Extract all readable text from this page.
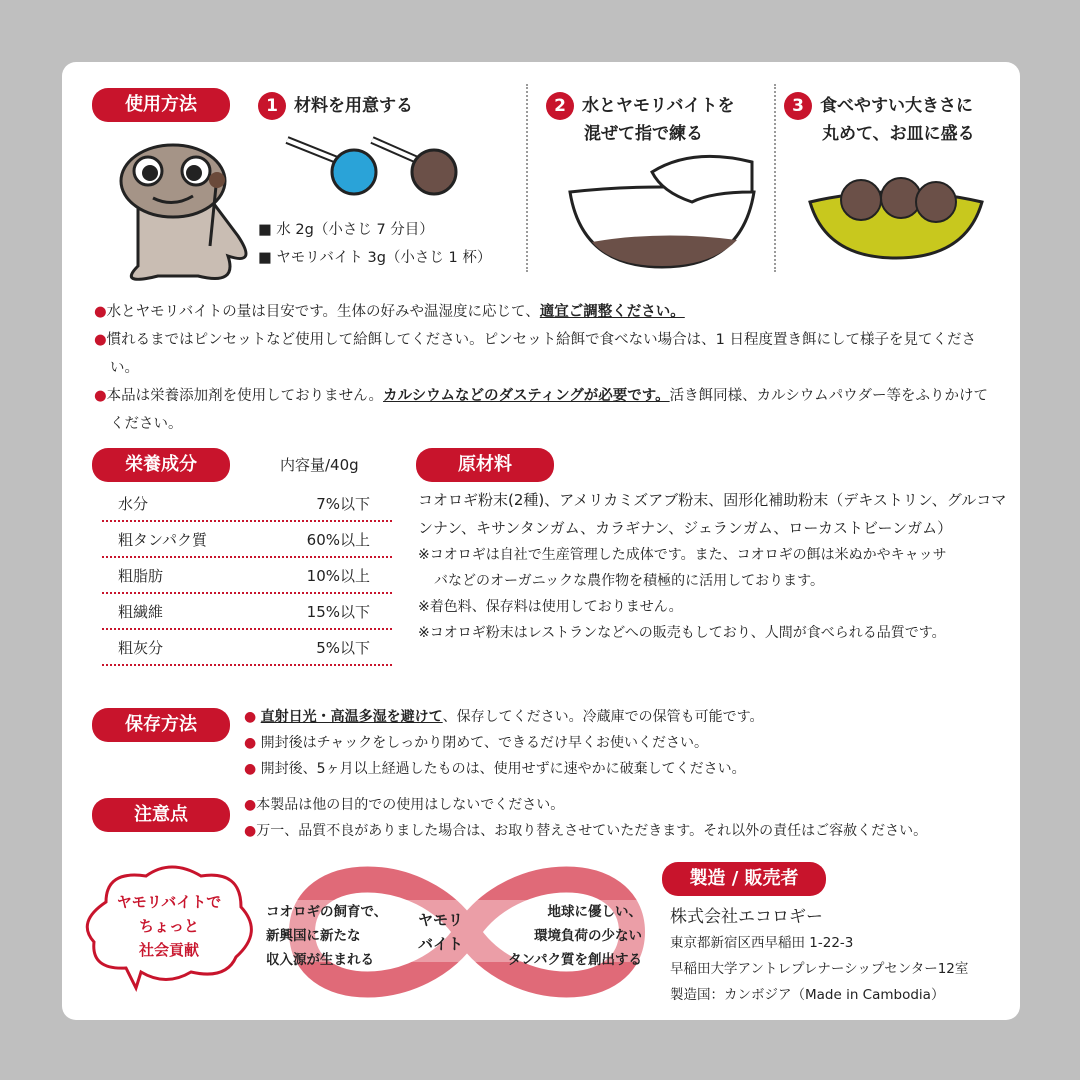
使用方法	1 材料を用意する
■ 水 2g（小さじ 7 分目）
■ ヤモリバイト 3g（小さじ 1 杯）
2 水とヤモリバイトを
混ぜて指で練る
3 食べやすい大きさに
丸めて、お皿に盛る
●水とヤモリバイトの量は目安です。生体の好みや温湿度に応じて、適宜ご調整ください。
●慣れるまではピンセットなど使用して給餌してください。ピンセット給餌で食べない場合は、1 日程度置き餌にして様子を見てください。
●本品は栄養添加剤を使用しておりません。カルシウムなどのダスティングが必要です。活き餌同様、カルシウムパウダー等をふりかけてください。
栄養成分	内容量/40g
水分	7%以下
粗タンパク質	60%以上
粗脂肪	10%以上
粗繊維	15%以下
粗灰分	5%以下
原材料
コオロギ粉末(2種)、アメリカミズアブ粉末、固形化補助粉末（デキストリン、グルコマンナン、キサンタンガム、カラギナン、ジェランガム、ローカストビーンガム）
※コオロギは自社で生産管理した成体です。また、コオロギの餌は米ぬかやキャッサバなどのオーガニックな農作物を積極的に活用しております。
※着色料、保存料は使用しておりません。
※コオロギ粉末はレストランなどへの販売もしており、人間が食べられる品質です。
保存方法	● 直射日光・高温多湿を避けて、保存してください。冷蔵庫での保管も可能です。
● 開封後はチャックをしっかり閉めて、できるだけ早くお使いください。
● 開封後、5ヶ月以上経過したものは、使用せずに速やかに破棄してください。
注意点	●本製品は他の目的での使用はしないでください。
●万一、品質不良がありました場合は、お取り替えさせていただきます。それ以外の責任はご容赦ください。
ヤモリバイトで
ちょっと
社会貢献
コオロギの飼育で、
新興国に新たな
収入源が生まれる
ヤモリ
バイト
地球に優しい、
環境負荷の少ない
タンパク質を創出する
製造 / 販売者
株式会社エコロギー
東京都新宿区西早稲田 1-22-3
早稲田大学アントレプレナーシップセンター12室
製造国：カンボジア（Made in Cambodia）
